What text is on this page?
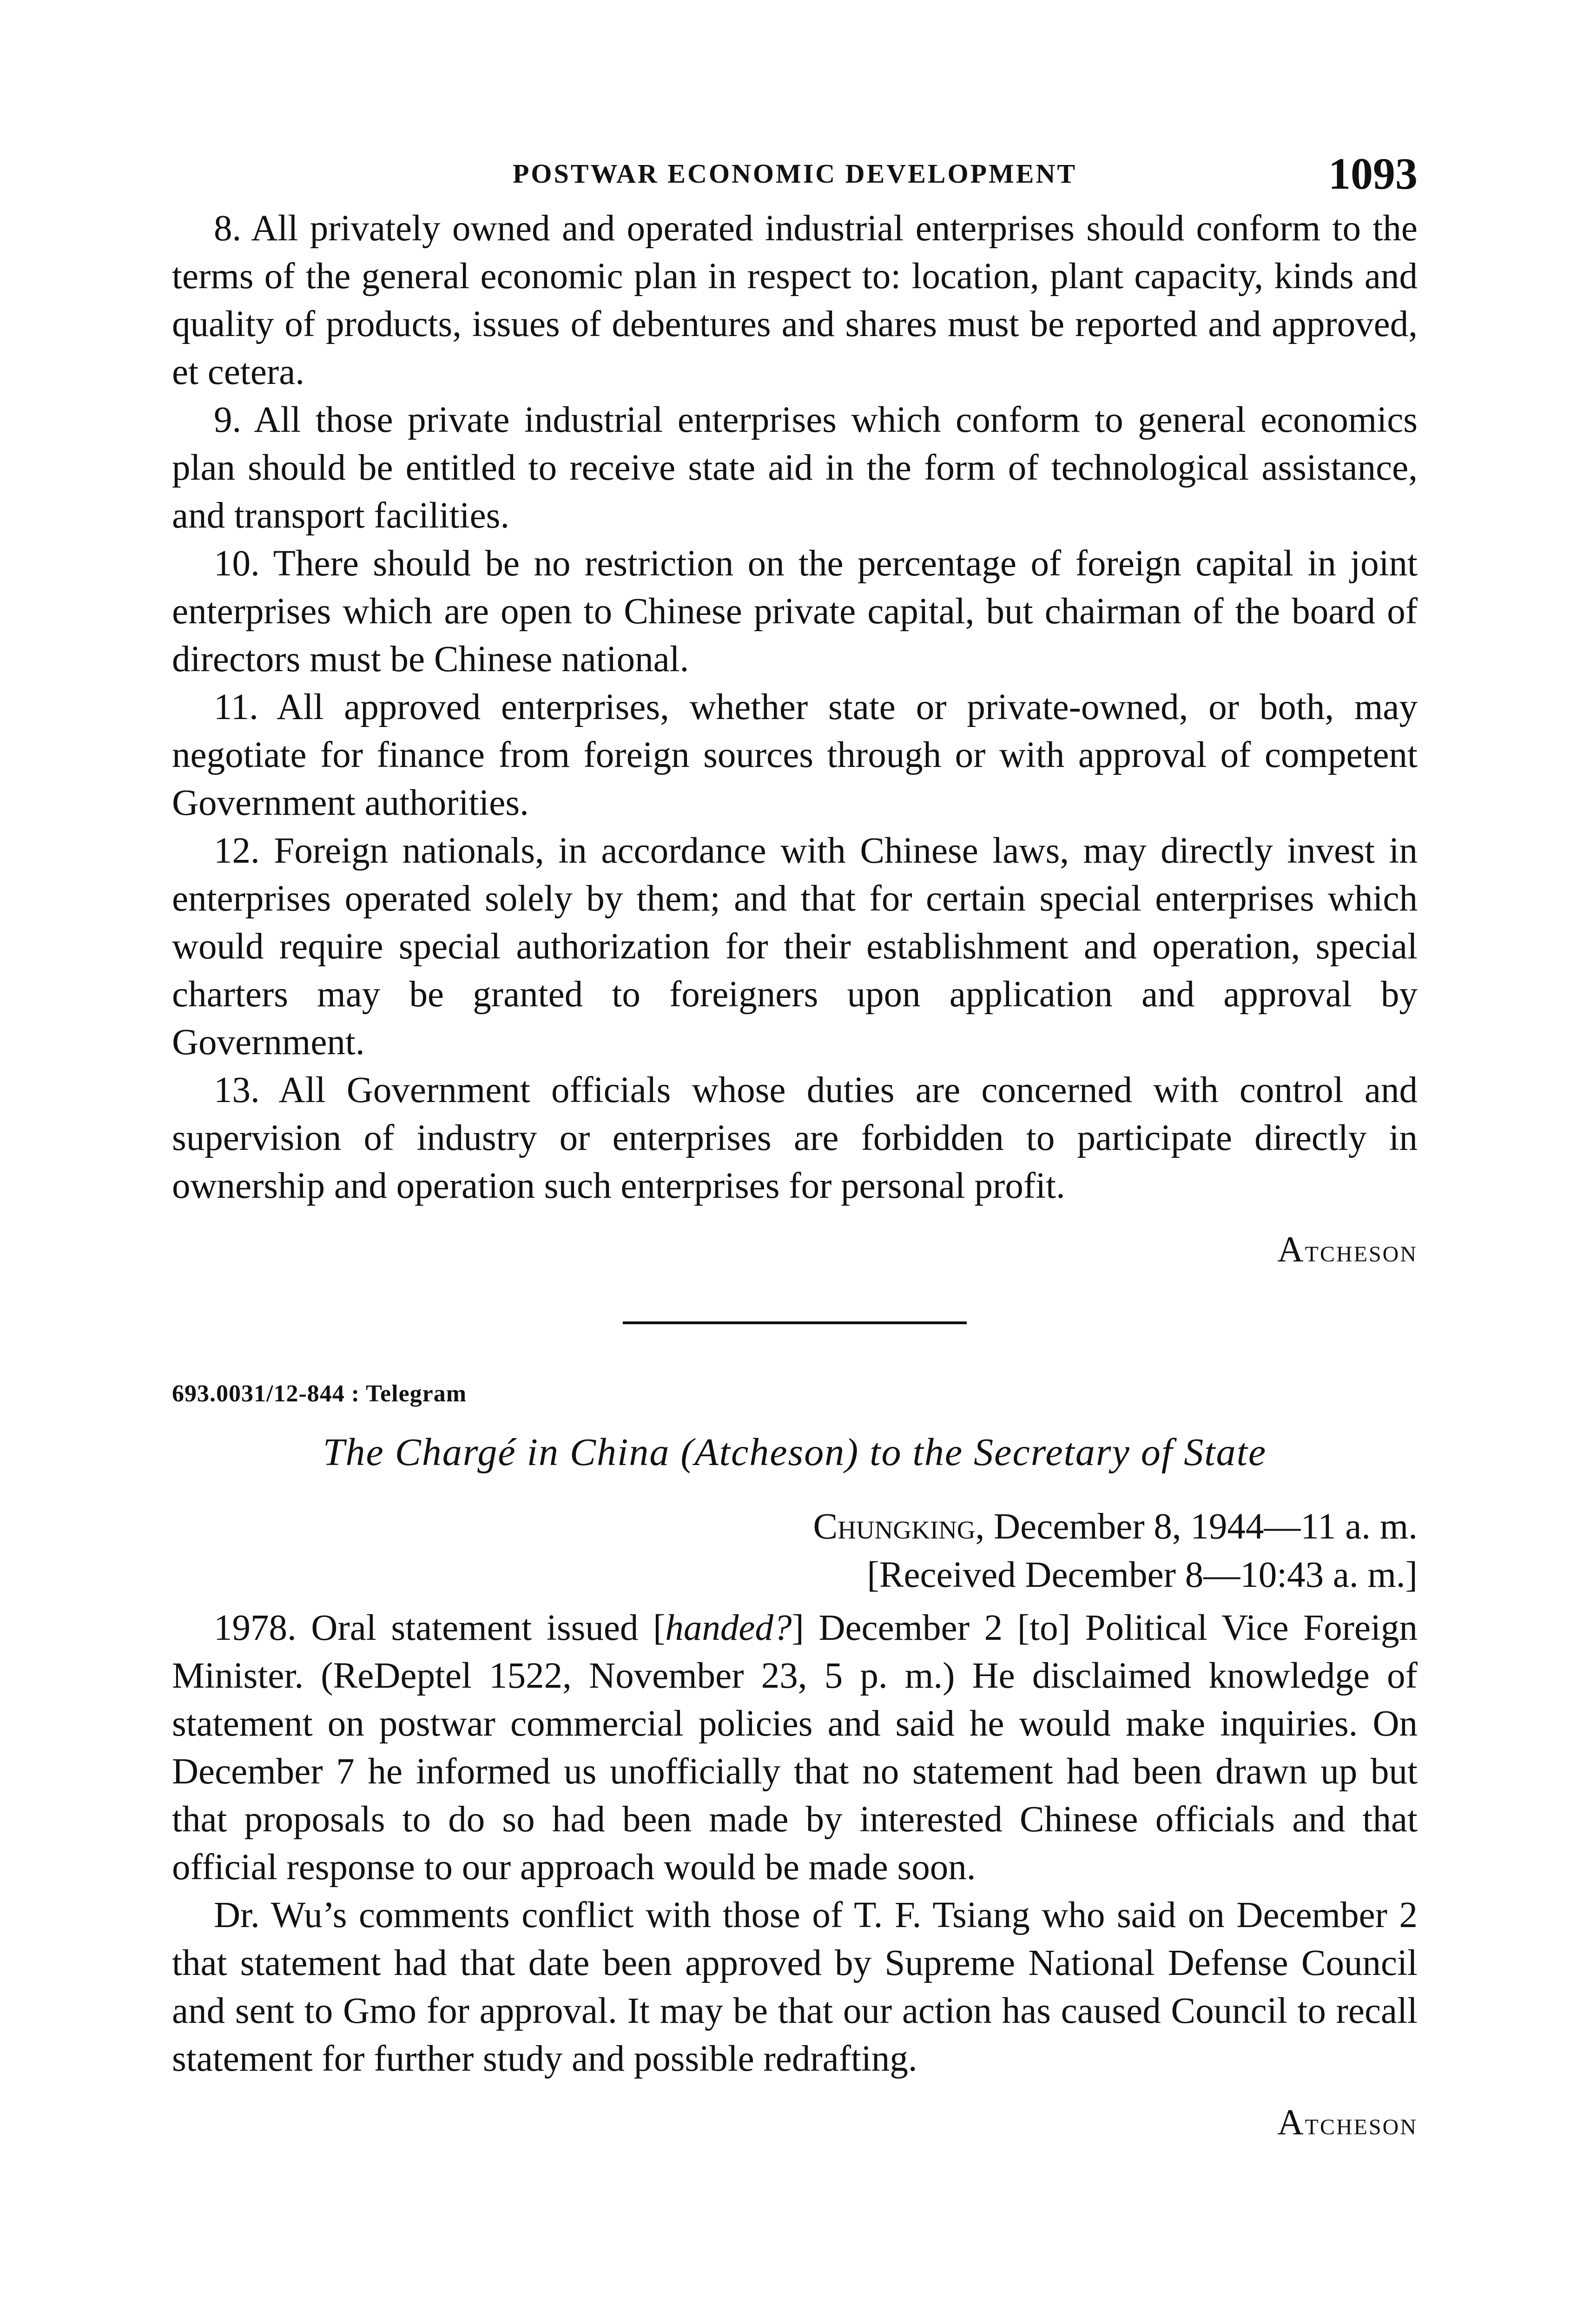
POSTWAR ECONOMIC DEVELOPMENT	1093

8. All privately owned and operated industrial enterprises should conform to the terms of the general economic plan in respect to: location, plant capacity, kinds and quality of products, issues of debentures and shares must be reported and approved, et cetera.

9. All those private industrial enterprises which conform to general economics plan should be entitled to receive state aid in the form of technological assistance, and transport facilities.

10. There should be no restriction on the percentage of foreign capital in joint enterprises which are open to Chinese private capital, but chairman of the board of directors must be Chinese national.

11. All approved enterprises, whether state or private-owned, or both, may negotiate for finance from foreign sources through or with approval of competent Government authorities.

12. Foreign nationals, in accordance with Chinese laws, may directly invest in enterprises operated solely by them; and that for certain special enterprises which would require special authorization for their establishment and operation, special charters may be granted to foreigners upon application and approval by Government.

13. All Government officials whose duties are concerned with control and supervision of industry or enterprises are forbidden to participate directly in ownership and operation such enterprises for personal profit.

Atcheson
693.0031/12-844 : Telegram
The Chargé in China (Atcheson) to the Secretary of State
Chungking, December 8, 1944—11 a. m.
[Received December 8—10:43 a. m.]

1978. Oral statement issued [handed?] December 2 [to] Political Vice Foreign Minister. (ReDeptel 1522, November 23, 5 p. m.) He disclaimed knowledge of statement on postwar commercial policies and said he would make inquiries. On December 7 he informed us unofficially that no statement had been drawn up but that proposals to do so had been made by interested Chinese officials and that official response to our approach would be made soon.

Dr. Wu’s comments conflict with those of T. F. Tsiang who said on December 2 that statement had that date been approved by Supreme National Defense Council and sent to Gmo for approval. It may be that our action has caused Council to recall statement for further study and possible redrafting.

Atcheson
